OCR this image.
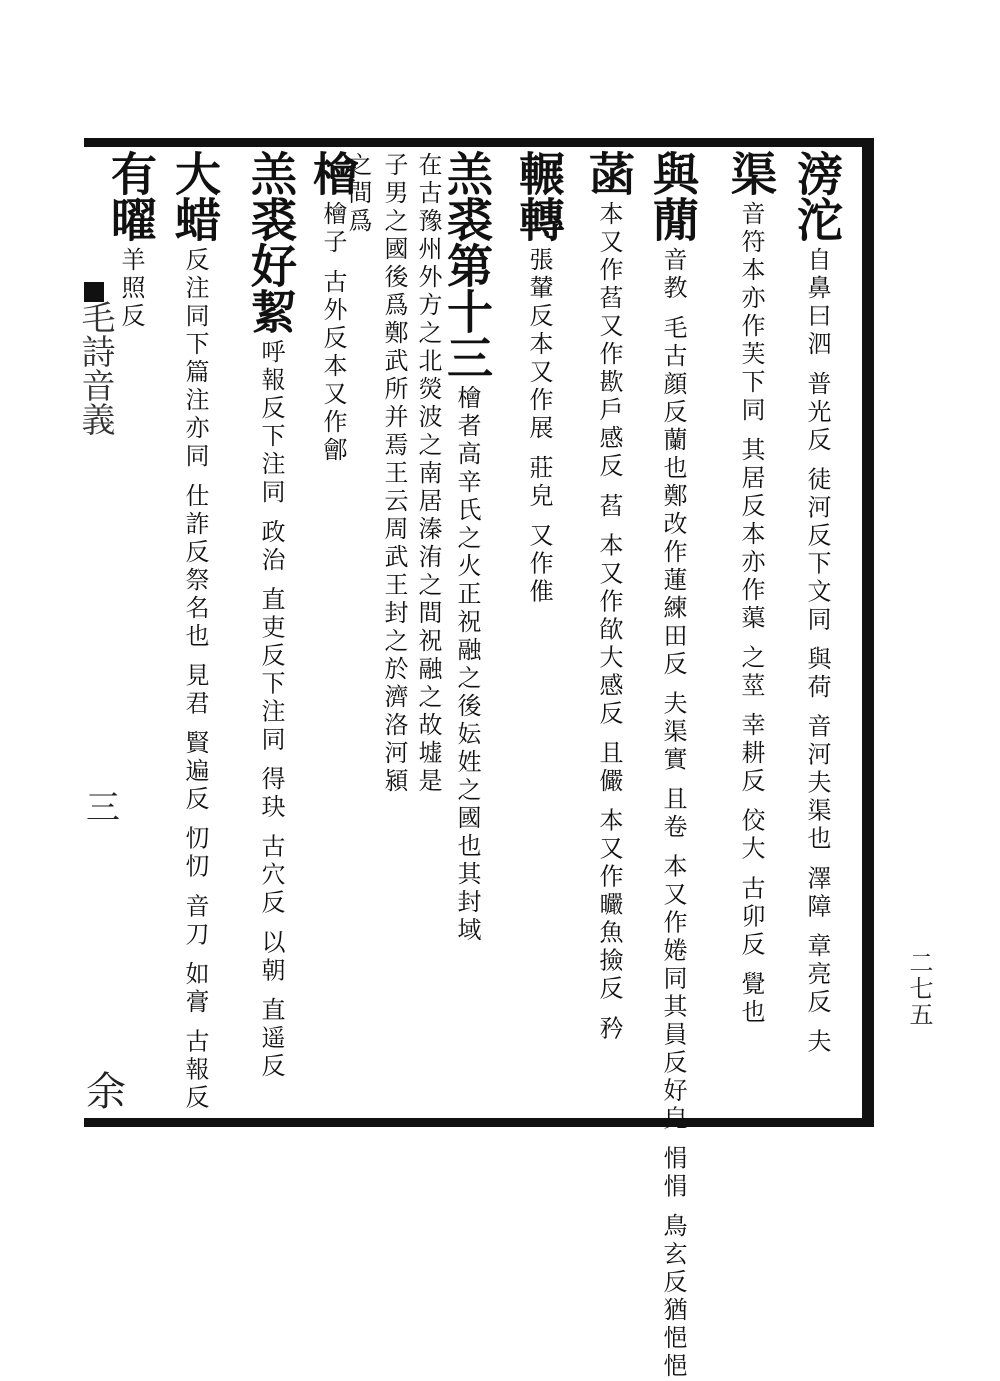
毛詩音義
三
余
二七五
有曜 羊照反
大蜡 反注同下篇注亦同 仕詐反祭名也 見君 賢遍反 忉忉 音刀 如膏 古報反
羔裘好絜 呼報反下注同 政治 直吏反下注同 得玦 古穴反 以朝 直遥反
羔裘第十三 檜者高辛氏之火正祝融之後妘姓之國也其封域
在古豫州外方之北熒波之南居溱洧之間祝融之故墟是
子男之國後爲鄭武所并焉王云周武王封之於濟洛河潁
之間爲
檜 檜子 古外反本又作鄶
輾轉 張輦反本又作展 莊皃 又作倠
與蕑 音教 毛古顔反蘭也鄭改作蓮練田反 夫渠實 且卷 本又作婘同其員反好皃 悁悁 鳥玄反猶悒悒
菡 本又作萏又作歁戶感反 萏 本又作欿大感反 且儼 本又作曮魚撿反 矜
渠 音符本亦作芙下同 其居反本亦作蕖 之莖 幸耕反 佼大 古卯反 覺也
滂沱 自鼻曰泗 普光反 徒河反下文同 與荷 音河夫渠也 澤障 章亮反 夫
